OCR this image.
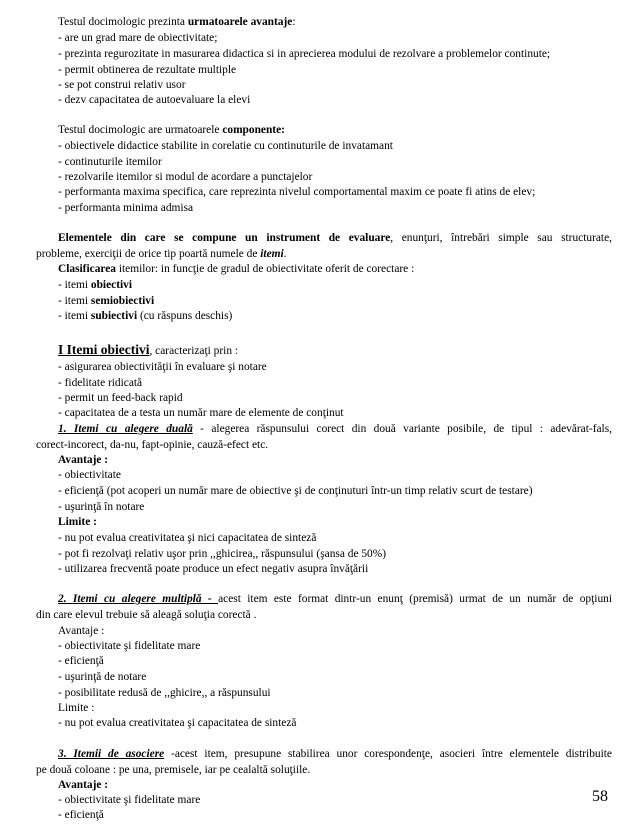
Testul docimologic prezinta urmatoarele avantaje:
- are un grad mare de obiectivitate;
- prezinta regurozitate in masurarea didactica si in aprecierea modului de rezolvare a problemelor continute;
- permit obtinerea de rezultate multiple
- se pot construi relativ usor
- dezv capacitatea de autoevaluare la elevi
Testul docimologic are urmatoarele componente:
- obiectivele didactice stabilite in corelatie cu continuturile de invatamant
- continuturile itemilor
- rezolvarile itemilor si modul de acordare a punctajelor
- performanta maxima specifica, care reprezinta nivelul comportamental maxim ce poate fi atins de elev;
- performanta minima admisa
Elementele din care se compune un instrument de evaluare, enunţuri, întrebări simple sau structurate,
probleme, exerciţii de orice tip poartă numele de itemi.
Clasificarea itemilor: in funcţie de gradul de obiectivitate oferit de corectare :
- itemi obiectivi
- itemi semiobiectivi
- itemi subiectivi (cu răspuns deschis)
I Itemi obiectivi, caracterizaţi prin :
- asigurarea obiectivităţii în evaluare şi notare
- fidelitate ridicată
- permit un feed-back rapid
- capacitatea de a testa un număr mare de elemente de conţinut
1. Itemi cu alegere duală - alegerea răspunsului corect din două variante posibile, de tipul : adevărat-fals,
corect-incorect, da-nu, fapt-opinie, cauză-efect etc.
Avantaje :
- obiectivitate
- eficienţă (pot acoperi un număr mare de obiective şi de conţinuturi într-un timp relativ scurt de testare)
- uşurinţă în notare
Limite :
- nu pot evalua creativitatea şi nici capacitatea de sinteză
- pot fi rezolvaţi relativ uşor prin ,,ghicirea,, răspunsului (şansa de 50%)
- utilizarea frecventă poate produce un efect negativ asupra învăţării
2. Itemi cu alegere multiplă - acest item este format dintr-un enunţ (premisă) urmat de un număr de opţiuni
din care elevul trebuie să aleagă soluţia corectă .
Avantaje :
- obiectivitate şi fidelitate mare
- eficienţă
- uşurinţă de notare
- posibilitate redusă de ,,ghicire,, a răspunsului
Limite :
- nu pot evalua creativitatea şi capacitatea de sinteză
3. Itemii de asociere -acest item, presupune stabilirea unor corespondenţe, asocieri între elementele distribuite
pe două coloane : pe una, premisele, iar pe cealaltă soluţiile.
Avantaje :
- obiectivitate şi fidelitate mare
- eficienţă
58
